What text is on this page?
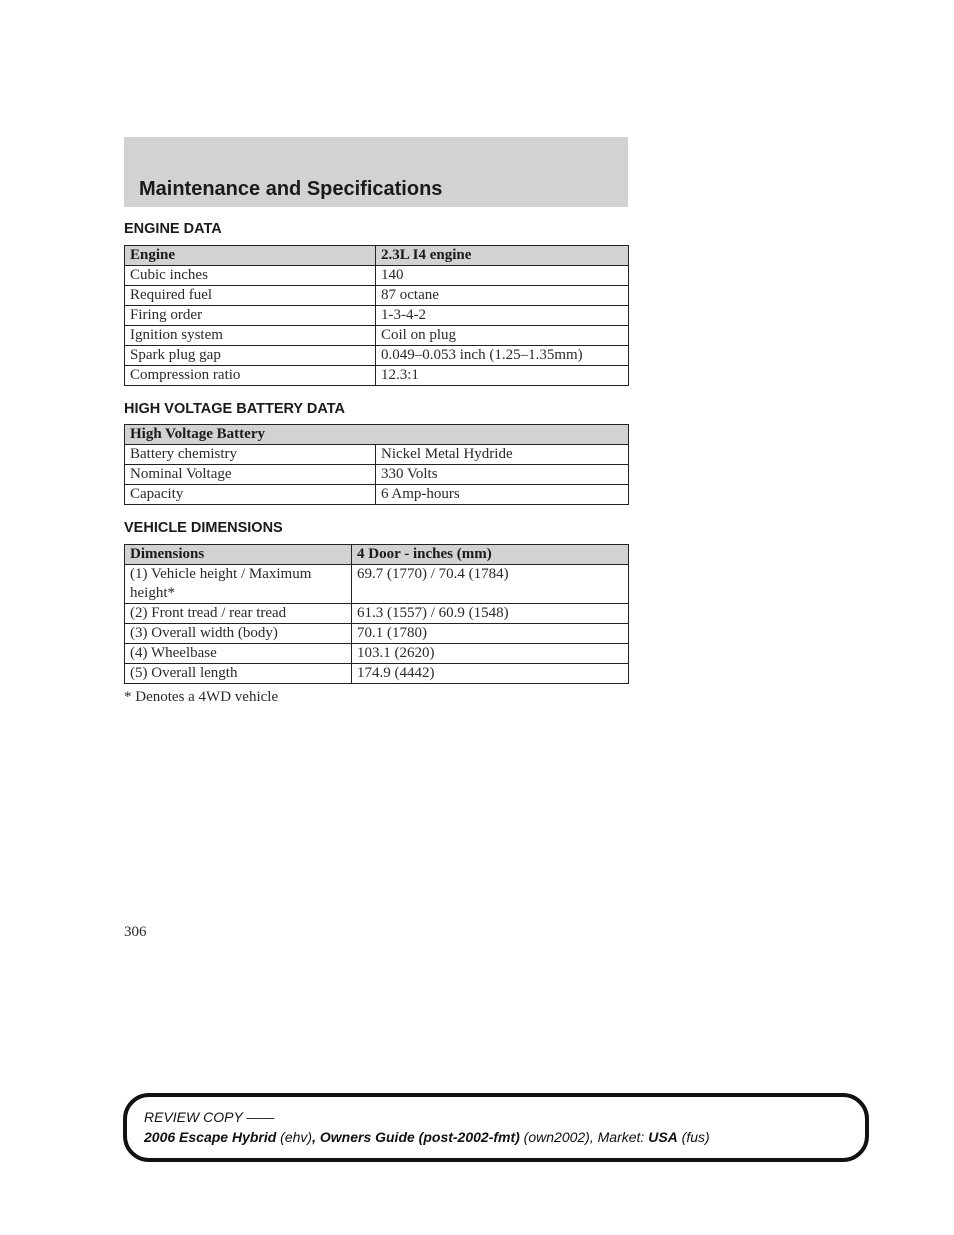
Maintenance and Specifications
ENGINE DATA
Engine	2.3L I4 engine
Cubic inches	140
Required fuel	87 octane
Firing order	1-3-4-2
Ignition system	Coil on plug
Spark plug gap	0.049–0.053 inch (1.25–1.35mm)
Compression ratio	12.3:1
HIGH VOLTAGE BATTERY DATA
High Voltage Battery	
Battery chemistry	Nickel Metal Hydride
Nominal Voltage	330 Volts
Capacity	6 Amp-hours
VEHICLE DIMENSIONS
Dimensions	4 Door - inches (mm)
(1) Vehicle height / Maximum height*	69.7 (1770) / 70.4 (1784)
(2) Front tread / rear tread	61.3 (1557) / 60.9 (1548)
(3) Overall width (body)	70.1 (1780)
(4) Wheelbase	103.1 (2620)
(5) Overall length	174.9 (4442)
* Denotes a 4WD vehicle
306
REVIEW COPY ——
2006 Escape Hybrid (ehv), Owners Guide (post-2002-fmt) (own2002), Market: USA (fus)
